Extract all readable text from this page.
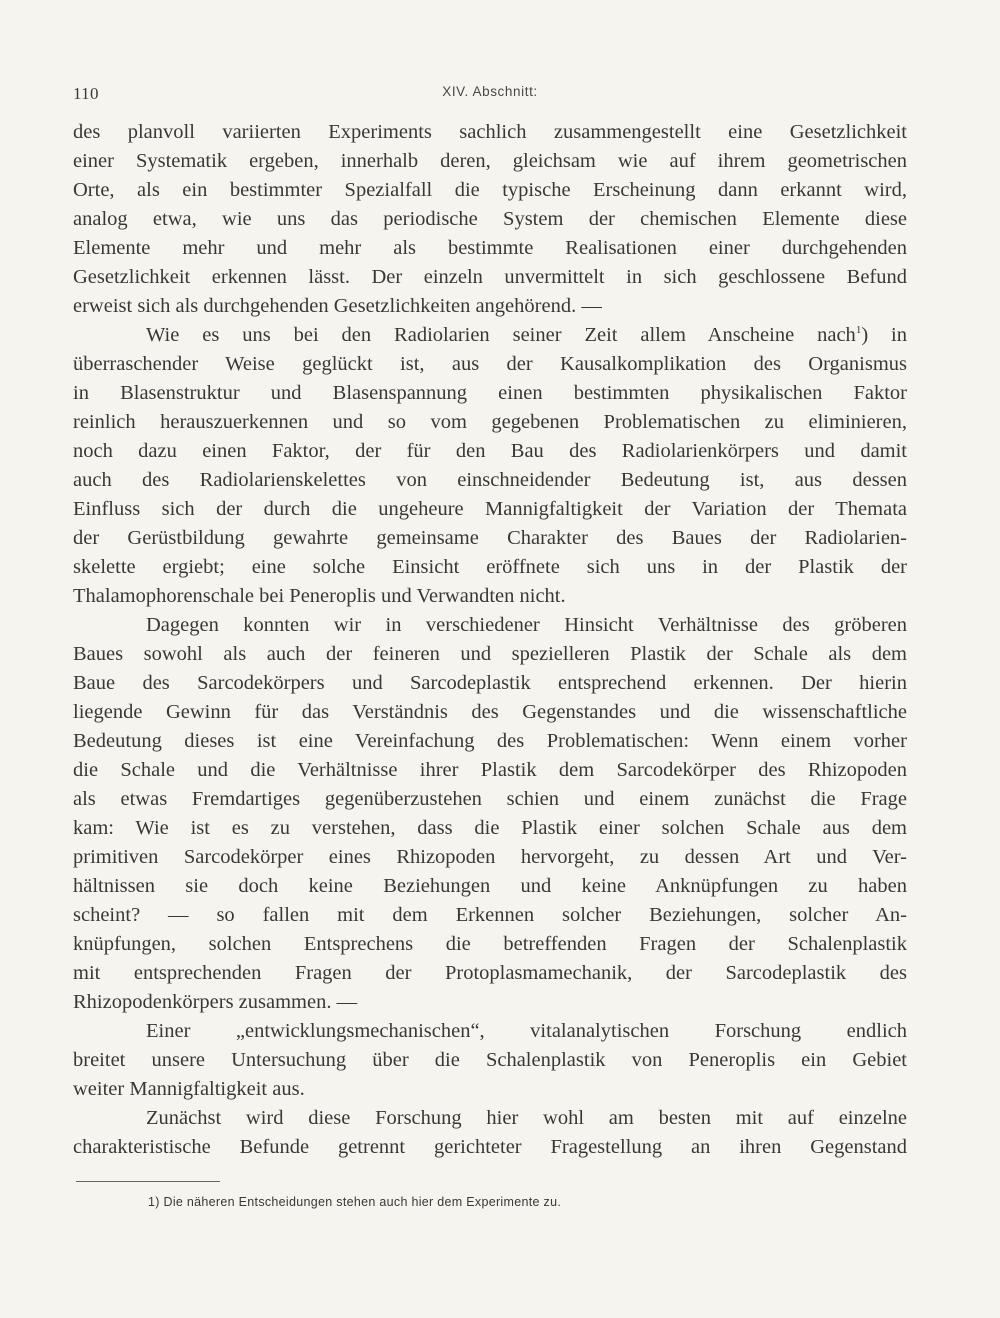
110	XIV. Abschnitt:
des planvoll variierten Experiments sachlich zusammengestellt eine Gesetzlichkeit
einer Systematik ergeben, innerhalb deren, gleichsam wie auf ihrem geometrischen
Orte, als ein bestimmter Spezialfall die typische Erscheinung dann erkannt wird,
analog etwa, wie uns das periodische System der chemischen Elemente diese
Elemente mehr und mehr als bestimmte Realisationen einer durchgehenden
Gesetzlichkeit erkennen lässt. Der einzeln unvermittelt in sich geschlossene Befund
erweist sich als durchgehenden Gesetzlichkeiten angehörend. —
Wie es uns bei den Radiolarien seiner Zeit allem Anscheine nach$^1$) in
überraschender Weise geglückt ist, aus der Kausalkomplikation des Organismus
in Blasenstruktur und Blasenspannung einen bestimmten physikalischen Faktor
reinlich herauszuerkennen und so vom gegebenen Problematischen zu eliminieren,
noch dazu einen Faktor, der für den Bau des Radiolarienkörpers und damit
auch des Radiolarienskelettes von einschneidender Bedeutung ist, aus dessen
Einfluss sich der durch die ungeheure Mannigfaltigkeit der Variation der Themata
der Gerüstbildung gewahrte gemeinsame Charakter des Baues der Radiolarien-
skelette ergiebt; eine solche Einsicht eröffnete sich uns in der Plastik der
Thalamophorenschale bei Peneroplis und Verwandten nicht.
Dagegen konnten wir in verschiedener Hinsicht Verhältnisse des gröberen
Baues sowohl als auch der feineren und spezielleren Plastik der Schale als dem
Baue des Sarcodekörpers und Sarcodeplastik entsprechend erkennen. Der hierin
liegende Gewinn für das Verständnis des Gegenstandes und die wissenschaftliche
Bedeutung dieses ist eine Vereinfachung des Problematischen: Wenn einem vorher
die Schale und die Verhältnisse ihrer Plastik dem Sarcodekörper des Rhizopoden
als etwas Fremdartiges gegenüberzustehen schien und einem zunächst die Frage
kam: Wie ist es zu verstehen, dass die Plastik einer solchen Schale aus dem
primitiven Sarcodekörper eines Rhizopoden hervorgeht, zu dessen Art und Ver-
hältnissen sie doch keine Beziehungen und keine Anknüpfungen zu haben
scheint? — so fallen mit dem Erkennen solcher Beziehungen, solcher An-
knüpfungen, solchen Entsprechens die betreffenden Fragen der Schalenplastik
mit entsprechenden Fragen der Protoplasmamechanik, der Sarcodeplastik des
Rhizopodenkörpers zusammen. —
Einer „entwicklungsmechanischen“, vitalanalytischen Forschung endlich
breitet unsere Untersuchung über die Schalenplastik von Peneroplis ein Gebiet
weiter Mannigfaltigkeit aus.
Zunächst wird diese Forschung hier wohl am besten mit auf einzelne
charakteristische Befunde getrennt gerichteter Fragestellung an ihren Gegenstand
1) Die näheren Entscheidungen stehen auch hier dem Experimente zu.
